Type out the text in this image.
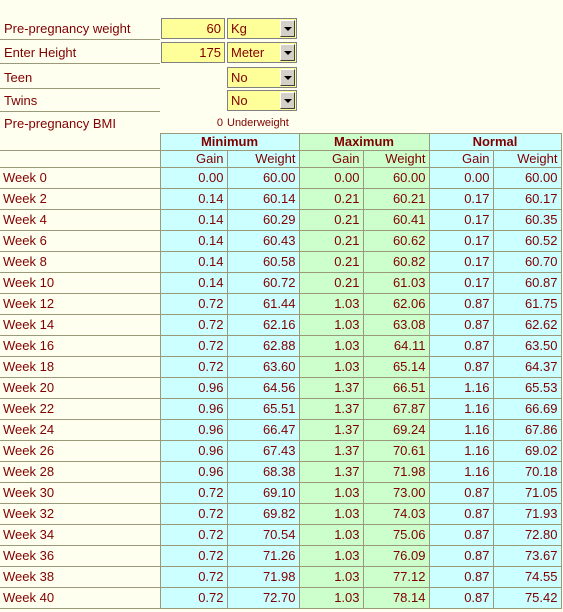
Pre-pregnancy weight	60 Kg
Enter Height	175 Meter
Teen	No
Twins	No
Pre-pregnancy BMI	0 Underweight
	Minimum		Maximum		Normal	
	Gain	Weight	Gain	Weight	Gain	Weight
Week 0	0.00	60.00	0.00	60.00	0.00	60.00
Week 2	0.14	60.14	0.21	60.21	0.17	60.17
Week 4	0.14	60.29	0.21	60.41	0.17	60.35
Week 6	0.14	60.43	0.21	60.62	0.17	60.52
Week 8	0.14	60.58	0.21	60.82	0.17	60.70
Week 10	0.14	60.72	0.21	61.03	0.17	60.87
Week 12	0.72	61.44	1.03	62.06	0.87	61.75
Week 14	0.72	62.16	1.03	63.08	0.87	62.62
Week 16	0.72	62.88	1.03	64.11	0.87	63.50
Week 18	0.72	63.60	1.03	65.14	0.87	64.37
Week 20	0.96	64.56	1.37	66.51	1.16	65.53
Week 22	0.96	65.51	1.37	67.87	1.16	66.69
Week 24	0.96	66.47	1.37	69.24	1.16	67.86
Week 26	0.96	67.43	1.37	70.61	1.16	69.02
Week 28	0.96	68.38	1.37	71.98	1.16	70.18
Week 30	0.72	69.10	1.03	73.00	0.87	71.05
Week 32	0.72	69.82	1.03	74.03	0.87	71.93
Week 34	0.72	70.54	1.03	75.06	0.87	72.80
Week 36	0.72	71.26	1.03	76.09	0.87	73.67
Week 38	0.72	71.98	1.03	77.12	0.87	74.55
Week 40	0.72	72.70	1.03	78.14	0.87	75.42
